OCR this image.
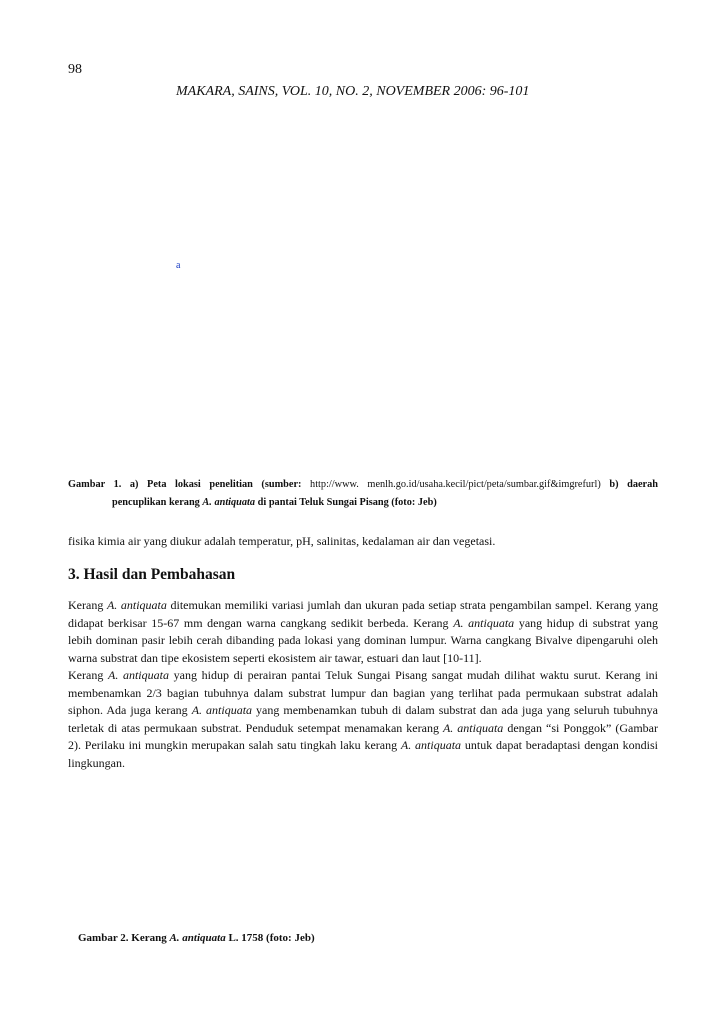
98
MAKARA, SAINS, VOL. 10, NO. 2, NOVEMBER 2006: 96-101
a
Gambar 1. a) Peta lokasi penelitian (sumber: http://www. menlh.go.id/usaha.kecil/pict/peta/sumbar.gif&imgrefurl) b) daerah
pencuplikan kerang A. antiquata di pantai Teluk Sungai Pisang (foto: Jeb)
fisika kimia air yang diukur adalah temperatur, pH, salinitas, kedalaman air dan vegetasi.
3. Hasil dan Pembahasan
Kerang A. antiquata ditemukan memiliki variasi jumlah dan ukuran pada setiap strata pengambilan sampel. Kerang yang
didapat berkisar 15-67 mm dengan warna cangkang sedikit berbeda. Kerang A. antiquata yang hidup di substrat yang
lebih dominan pasir lebih cerah dibanding pada lokasi yang dominan lumpur. Warna cangkang Bivalve dipengaruhi oleh
warna substrat dan tipe ekosistem seperti ekosistem air tawar, estuari dan laut [10-11].
Kerang A. antiquata yang hidup di perairan pantai Teluk Sungai Pisang sangat mudah dilihat waktu surut. Kerang ini
membenamkan 2/3 bagian tubuhnya dalam substrat lumpur dan bagian yang terlihat pada permukaan substrat adalah
siphon. Ada juga kerang A. antiquata yang membenamkan tubuh di dalam substrat dan ada juga yang seluruh tubuhnya
terletak di atas permukaan substrat. Penduduk setempat menamakan kerang A. antiquata dengan “si Ponggok” (Gambar
2). Perilaku ini mungkin merupakan salah satu tingkah laku kerang A. antiquata untuk dapat beradaptasi dengan kondisi
lingkungan.
Gambar 2. Kerang A. antiquata L. 1758 (foto: Jeb)
